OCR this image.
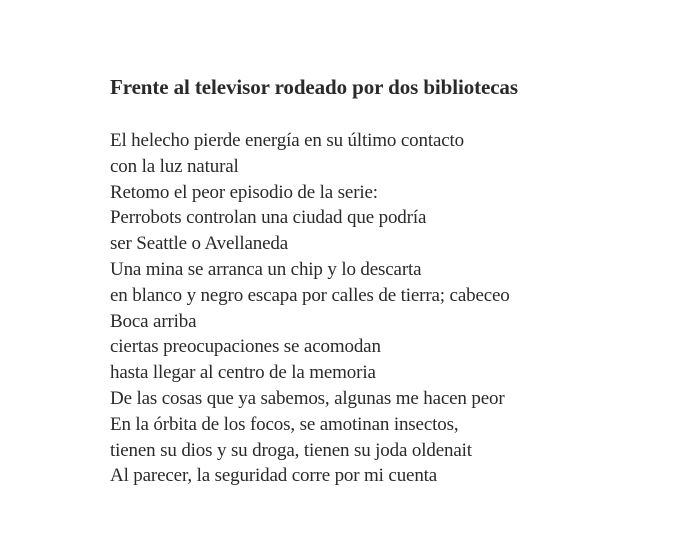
Frente al televisor rodeado por dos bibliotecas
El helecho pierde energía en su último contacto
con la luz natural
Retomo el peor episodio de la serie:
Perrobots controlan una ciudad que podría
ser Seattle o Avellaneda
Una mina se arranca un chip y lo descarta
en blanco y negro escapa por calles de tierra; cabeceo
Boca arriba
ciertas preocupaciones se acomodan
hasta llegar al centro de la memoria
De las cosas que ya sabemos, algunas me hacen peor
En la órbita de los focos, se amotinan insectos,
tienen su dios y su droga, tienen su joda oldenait
Al parecer, la seguridad corre por mi cuenta
